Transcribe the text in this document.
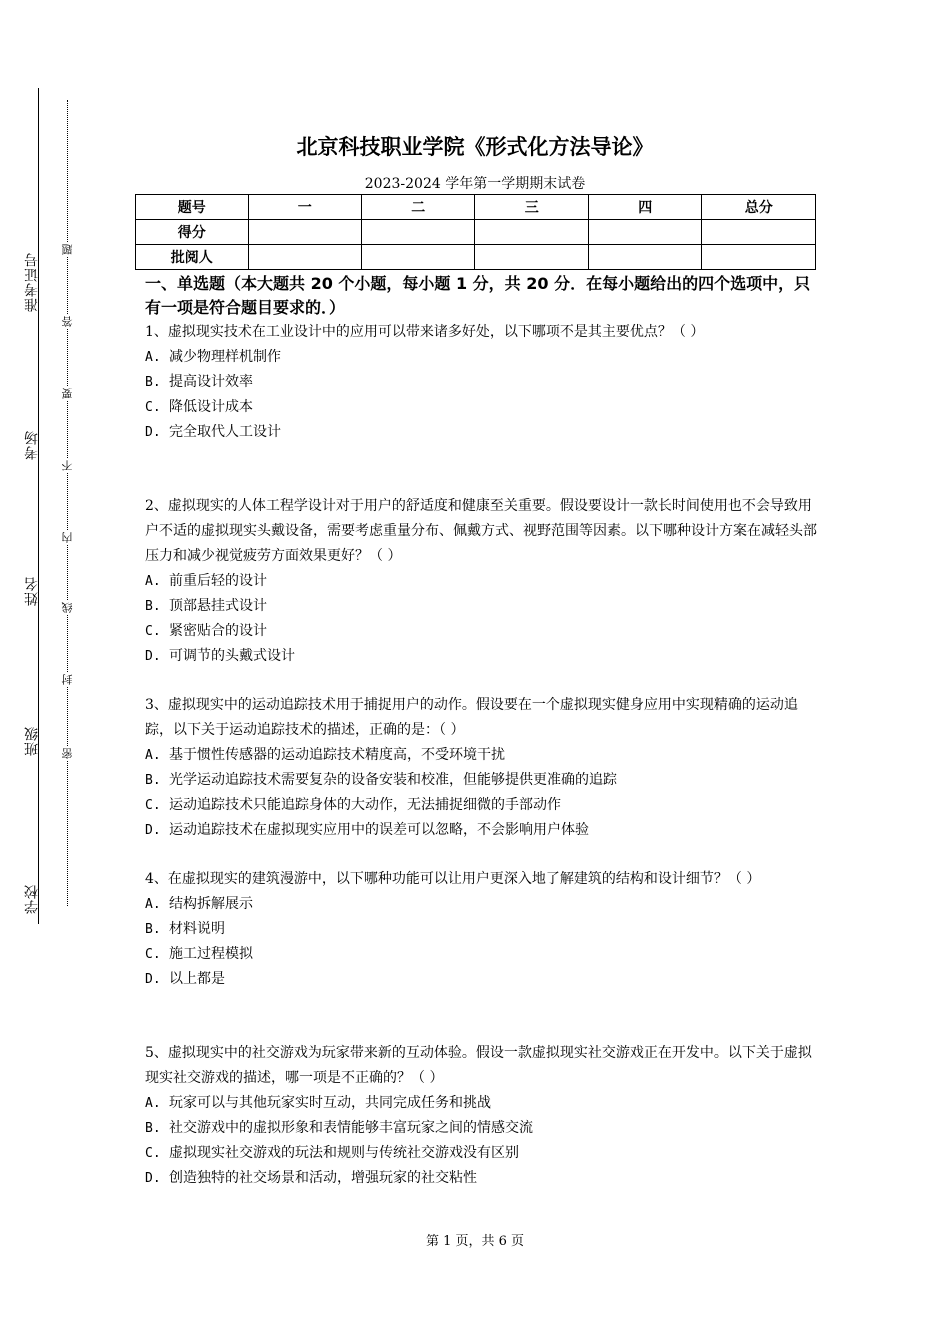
准考证号
考场
姓名
班级
学校
题
答
要
不
内
线
封
密
北京科技职业学院《形式化方法导论》
2023-2024 学年第一学期期末试卷
题号	一	二	三	四	总分
得分					
批阅人					
一、单选题（本大题共 20 个小题，每小题 1 分，共 20 分．在每小题给出的四个选项中，只有一项是符合题目要求的．）

1、虚拟现实技术在工业设计中的应用可以带来诸多好处，以下哪项不是其主要优点？（ ）

A. 减少物理样机制作

B. 提高设计效率

C. 降低设计成本

D. 完全取代人工设计

2、虚拟现实的人体工程学设计对于用户的舒适度和健康至关重要。假设要设计一款长时间使用也不会导致用户不适的虚拟现实头戴设备，需要考虑重量分布、佩戴方式、视野范围等因素。以下哪种设计方案在减轻头部压力和减少视觉疲劳方面效果更好？（ ）

A. 前重后轻的设计

B. 顶部悬挂式设计

C. 紧密贴合的设计

D. 可调节的头戴式设计

3、虚拟现实中的运动追踪技术用于捕捉用户的动作。假设要在一个虚拟现实健身应用中实现精确的运动追踪，以下关于运动追踪技术的描述，正确的是：（ ）

A. 基于惯性传感器的运动追踪技术精度高，不受环境干扰

B. 光学运动追踪技术需要复杂的设备安装和校准，但能够提供更准确的追踪

C. 运动追踪技术只能追踪身体的大动作，无法捕捉细微的手部动作

D. 运动追踪技术在虚拟现实应用中的误差可以忽略，不会影响用户体验

4、在虚拟现实的建筑漫游中，以下哪种功能可以让用户更深入地了解建筑的结构和设计细节？（ ）

A. 结构拆解展示

B. 材料说明

C. 施工过程模拟

D. 以上都是

5、虚拟现实中的社交游戏为玩家带来新的互动体验。假设一款虚拟现实社交游戏正在开发中。以下关于虚拟现实社交游戏的描述，哪一项是不正确的？（ ）

A. 玩家可以与其他玩家实时互动，共同完成任务和挑战

B. 社交游戏中的虚拟形象和表情能够丰富玩家之间的情感交流

C. 虚拟现实社交游戏的玩法和规则与传统社交游戏没有区别

D. 创造独特的社交场景和活动，增强玩家的社交粘性

第 1 页，共 6 页
